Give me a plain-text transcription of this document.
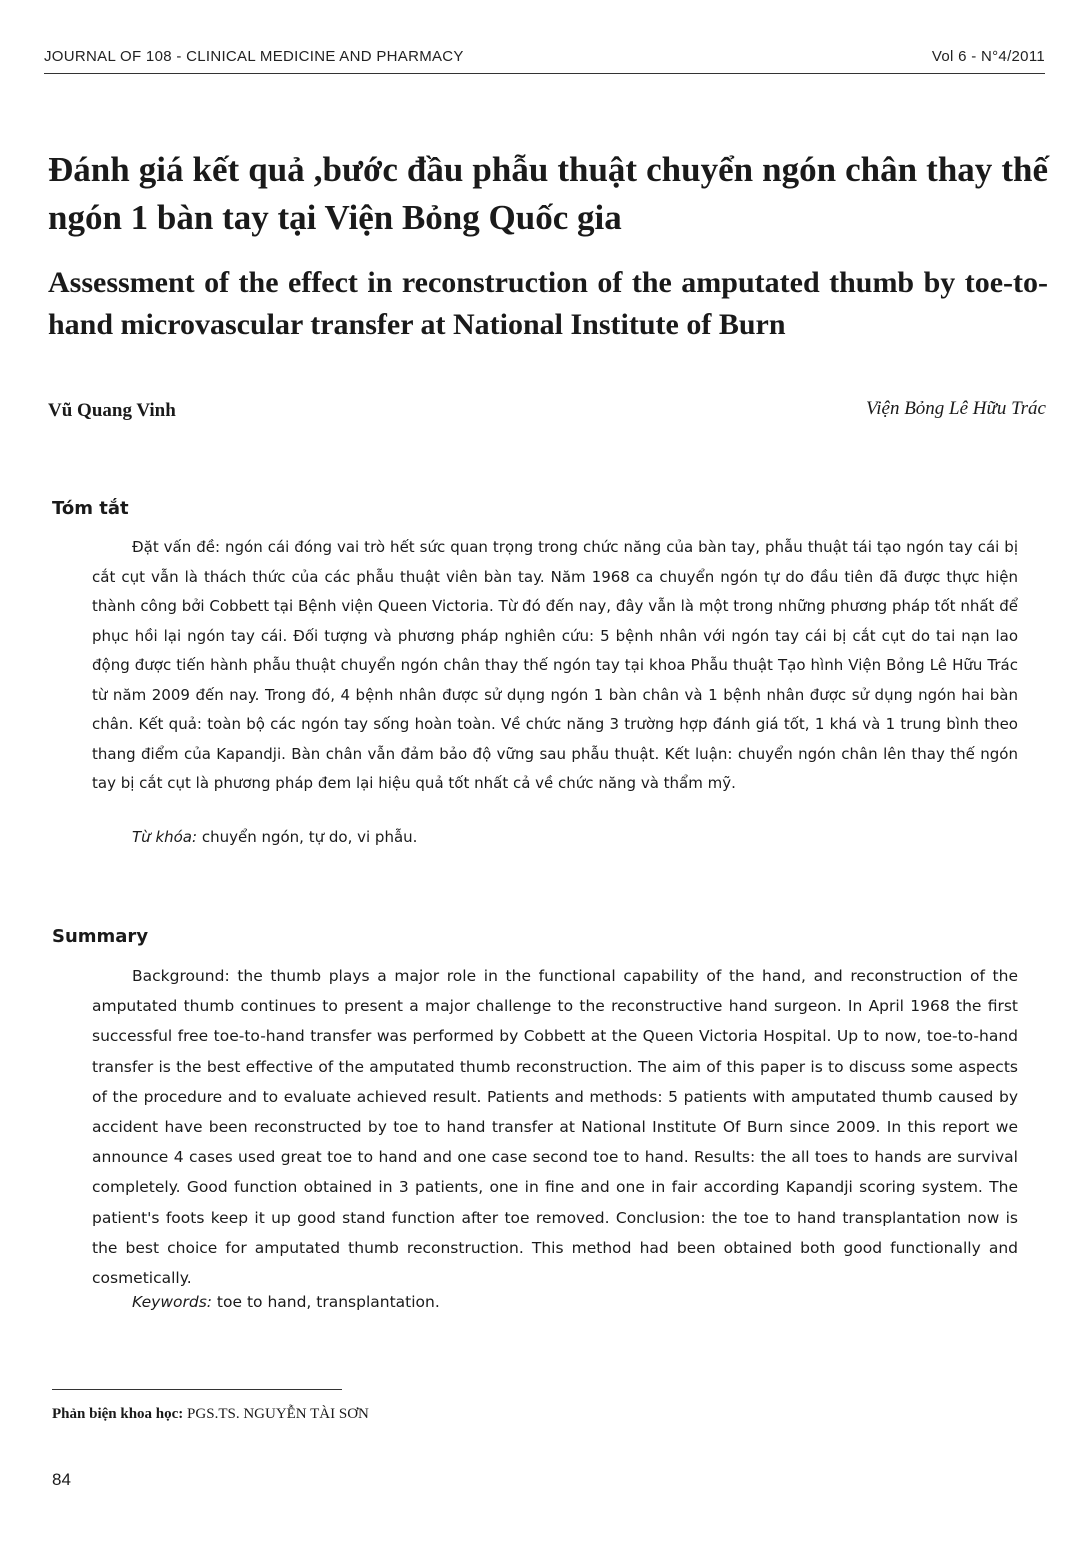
JOURNAL OF 108 - CLINICAL MEDICINE AND PHARMACY	Vol 6 - N°4/2011
Đánh giá kết quả ,bước đầu phẫu thuật chuyển ngón chân thay thế ngón 1 bàn tay tại Viện Bỏng Quốc gia
Assessment of the effect in reconstruction of the amputated thumb by toe-to-hand microvascular transfer at National Institute of Burn
Vũ Quang Vinh	Viện Bỏng Lê Hữu Trác
Tóm tắt

Đặt vấn đề: ngón cái đóng vai trò hết sức quan trọng trong chức năng của bàn tay, phẫu thuật tái tạo ngón tay cái bị cắt cụt vẫn là thách thức của các phẫu thuật viên bàn tay. Năm 1968 ca chuyển ngón tự do đầu tiên đã được thực hiện thành công bởi Cobbett tại Bệnh viện Queen Victoria. Từ đó đến nay, đây vẫn là một trong những phương pháp tốt nhất để phục hồi lại ngón tay cái. Đối tượng và phương pháp nghiên cứu: 5 bệnh nhân với ngón tay cái bị cắt cụt do tai nạn lao động được tiến hành phẫu thuật chuyển ngón chân thay thế ngón tay tại khoa Phẫu thuật Tạo hình Viện Bỏng Lê Hữu Trác từ năm 2009 đến nay. Trong đó, 4 bệnh nhân được sử dụng ngón 1 bàn chân và 1 bệnh nhân được sử dụng ngón hai bàn chân. Kết quả: toàn bộ các ngón tay sống hoàn toàn. Về chức năng 3 trường hợp đánh giá tốt, 1 khá và 1 trung bình theo thang điểm của Kapandji. Bàn chân vẫn đảm bảo độ vững sau phẫu thuật. Kết luận: chuyển ngón chân lên thay thế ngón tay bị cắt cụt là phương pháp đem lại hiệu quả tốt nhất cả về chức năng và thẩm mỹ.

Từ khóa: chuyển ngón, tự do, vi phẫu.
Summary

Background: the thumb plays a major role in the functional capability of the hand, and reconstruction of the amputated thumb continues to present a major challenge to the reconstructive hand surgeon. In April 1968 the first successful free toe-to-hand transfer was performed by Cobbett at the Queen Victoria Hospital. Up to now, toe-to-hand transfer is the best effective of the amputated thumb reconstruction. The aim of this paper is to discuss some aspects of the procedure and to evaluate achieved result. Patients and methods: 5 patients with amputated thumb caused by accident have been reconstructed by toe to hand transfer at National Institute Of Burn since 2009. In this report we announce 4 cases used great toe to hand and one case second toe to hand. Results: the all toes to hands are survival completely. Good function obtained in 3 patients, one in fine and one in fair according Kapandji scoring system. The patient's foots keep it up good stand function after toe removed. Conclusion: the toe to hand transplantation now is the best choice for amputated thumb reconstruction. This method had been obtained both good functionally and cosmetically.

Keywords: toe to hand, transplantation.
Phản biện khoa học: PGS.TS. NGUYỄN TÀI SƠN
84
